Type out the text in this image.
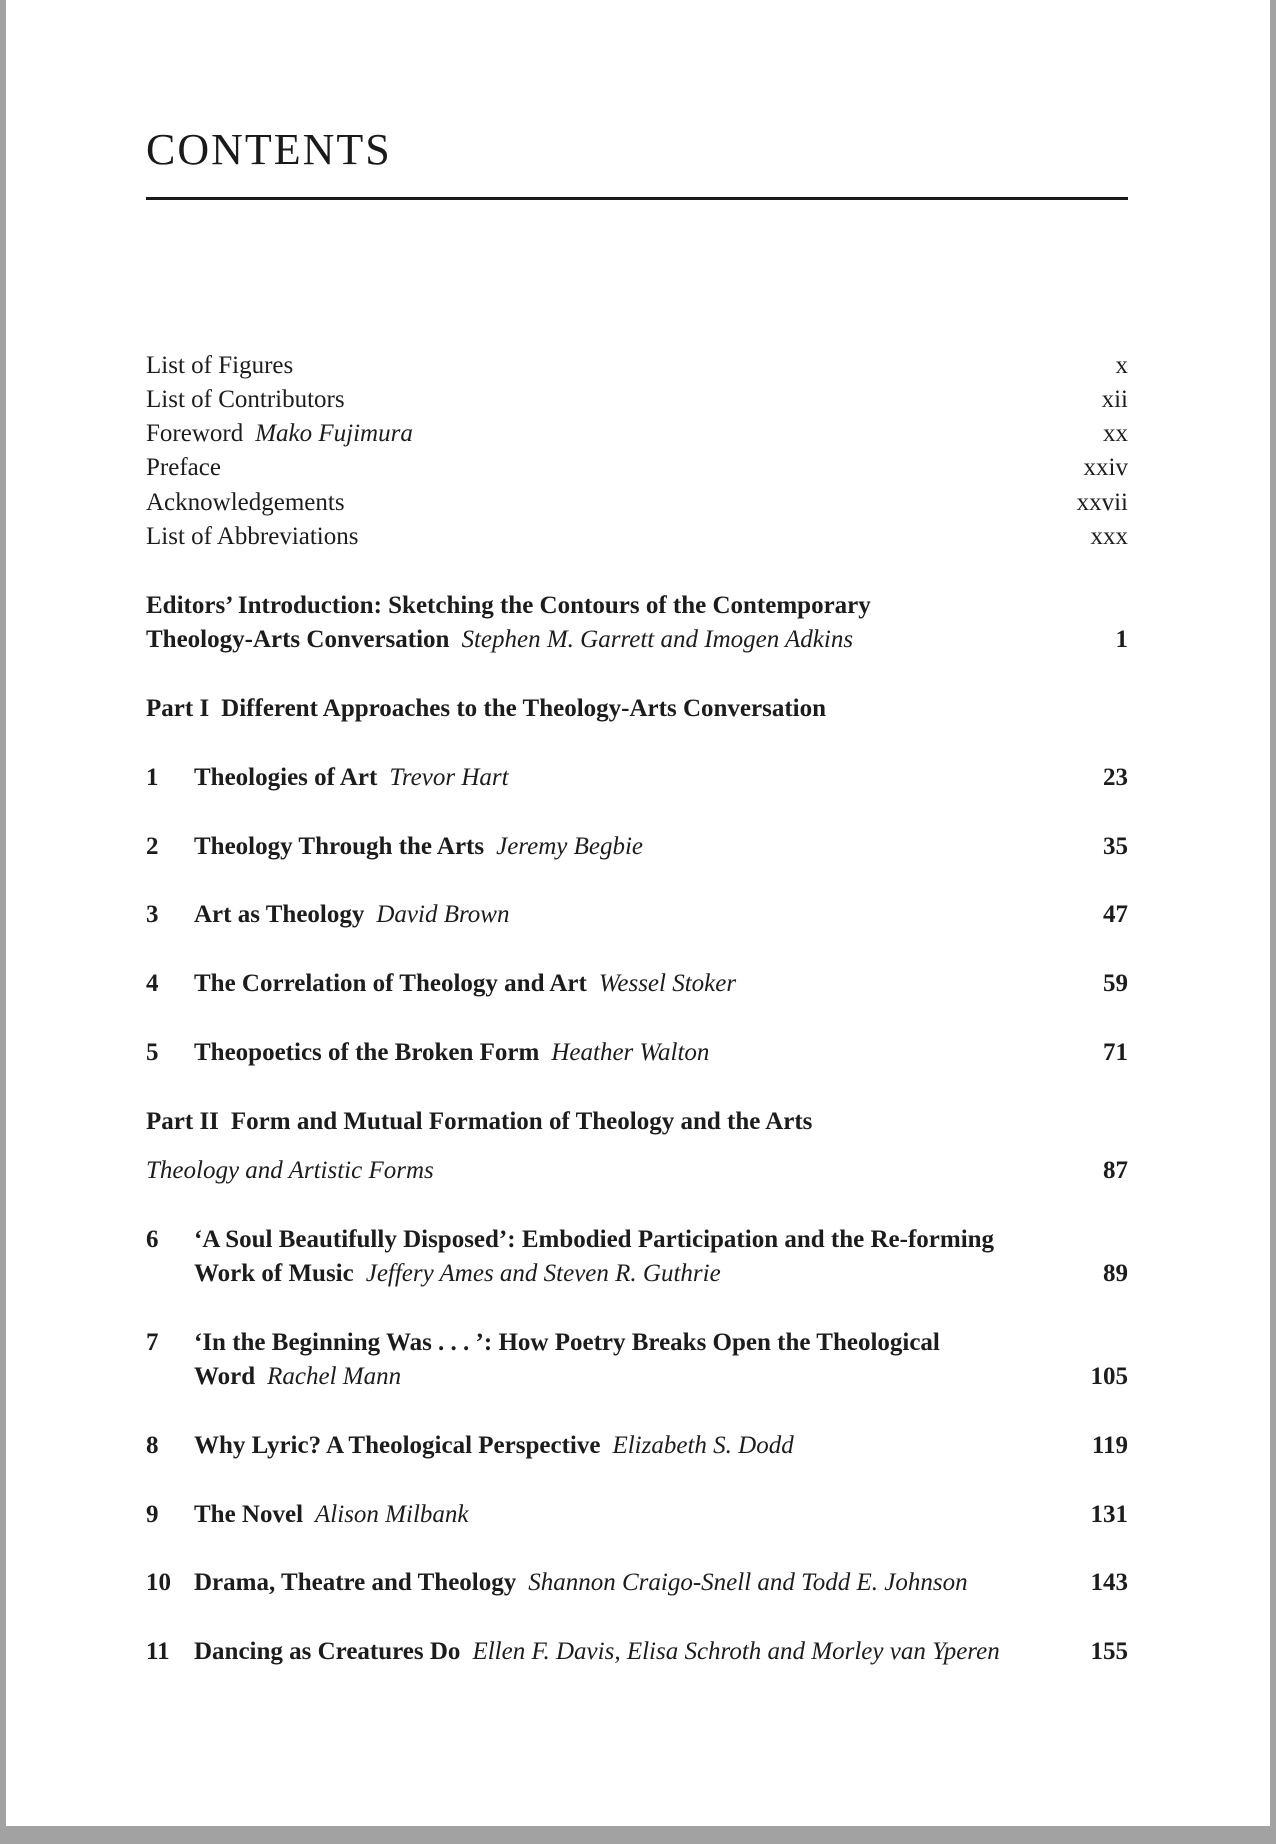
CONTENTS
List of Figures	x
List of Contributors	xii
Foreword Mako Fujimura	xx
Preface	xxiv
Acknowledgements	xxvii
List of Abbreviations	xxx
Editors’ Introduction: Sketching the Contours of the Contemporary
Theology-Arts Conversation Stephen M. Garrett and Imogen Adkins	1
Part I Different Approaches to the Theology-Arts Conversation
1 Theologies of Art Trevor Hart	23
2 Theology Through the Arts Jeremy Begbie	35
3 Art as Theology David Brown	47
4 The Correlation of Theology and Art Wessel Stoker	59
5 Theopoetics of the Broken Form Heather Walton	71
Part II Form and Mutual Formation of Theology and the Arts
Theology and Artistic Forms	87
6 ‘A Soul Beautifully Disposed’: Embodied Participation and the Re-forming
Work of Music Jeffery Ames and Steven R. Guthrie	89
7 ‘In the Beginning Was . . . ’: How Poetry Breaks Open the Theological
Word Rachel Mann	105
8 Why Lyric? A Theological Perspective Elizabeth S. Dodd	119
9 The Novel Alison Milbank	131
10 Drama, Theatre and Theology Shannon Craigo-Snell and Todd E. Johnson	143
11 Dancing as Creatures Do Ellen F. Davis, Elisa Schroth and Morley van Yperen	155
